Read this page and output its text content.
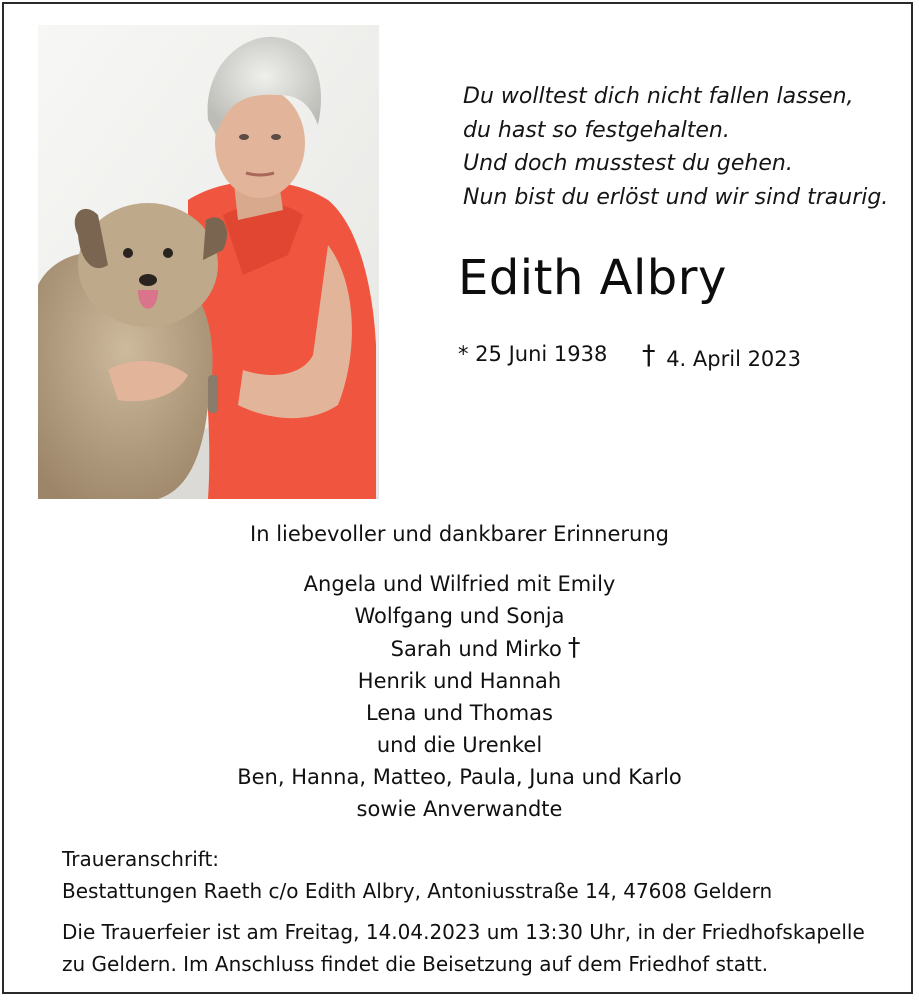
Du wolltest dich nicht fallen lassen,
du hast so festgehalten.
Und doch musstest du gehen.
Nun bist du erlöst und wir sind traurig.
Edith Albry
* 25 Juni 1938 † 4. April 2023
In liebevoller und dankbarer Erinnerung
Angela und Wilfried mit Emily
Wolfgang und Sonja
Sarah und Mirko †
Henrik und Hannah
Lena und Thomas
und die Urenkel
Ben, Hanna, Matteo, Paula, Juna und Karlo
sowie Anverwandte
Traueranschrift:
Bestattungen Raeth c/o Edith Albry, Antoniusstraße 14, 47608 Geldern
Die Trauerfeier ist am Freitag, 14.04.2023 um 13:30 Uhr, in der Friedhofskapelle
zu Geldern. Im Anschluss findet die Beisetzung auf dem Friedhof statt.
